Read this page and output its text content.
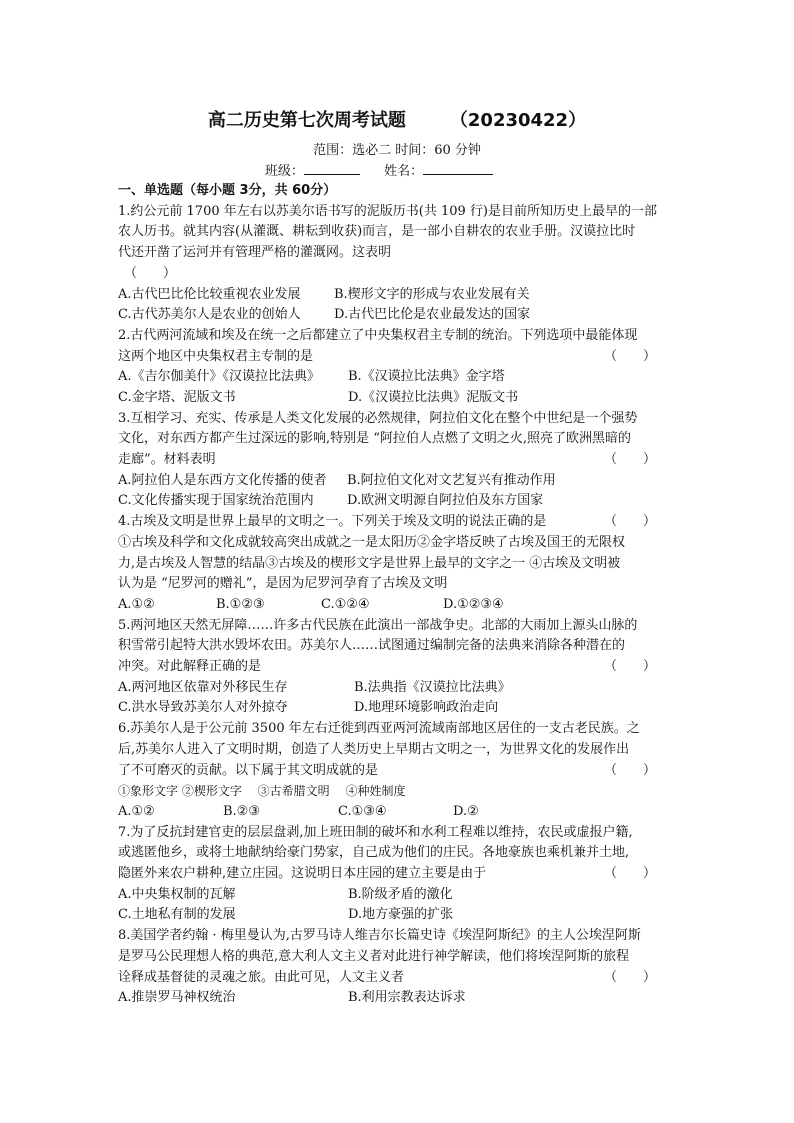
高二历史第七次周考试题 （20230422）
范围：选必二 时间：60 分钟
班级：	姓名：
一、单选题（每小题 3分，共 60分）
1.约公元前 1700 年左右以苏美尔语书写的泥版历书(共 109 行)是目前所知历史上最早的一部
农人历书。就其内容(从灌溉、耕耘到收获)而言，是一部小自耕农的农业手册。汉谟拉比时
代还开凿了运河并有管理严格的灌溉网。这表明
（　　）
A.古代巴比伦比较重视农业发展	B.楔形文字的形成与农业发展有关
C.古代苏美尔人是农业的创始人	D.古代巴比伦是农业最发达的国家
2.古代两河流域和埃及在统一之后都建立了中央集权君主专制的统治。下列选项中最能体现
这两个地区中央集权君主专制的是	（　　）
A.《吉尔伽美什》《汉谟拉比法典》 B.《汉谟拉比法典》金字塔
C.金字塔、泥版文书	D.《汉谟拉比法典》泥版文书
3.互相学习、充实、传承是人类文化发展的必然规律，阿拉伯文化在整个中世纪是一个强势
文化，对东西方都产生过深远的影响,特别是 “阿拉伯人点燃了文明之火,照亮了欧洲黑暗的
走廊”。材料表明	（　　）
A.阿拉伯人是东西方文化传播的使者 B.阿拉伯文化对文艺复兴有推动作用
C.文化传播实现于国家统治范围内	D.欧洲文明源自阿拉伯及东方国家
4.古埃及文明是世界上最早的文明之一。下列关于埃及文明的说法正确的是	（　　）
①古埃及科学和文化成就较高突出成就之一是太阳历②金字塔反映了古埃及国王的无限权
力,是古埃及人智慧的结晶③古埃及的楔形文字是世界上最早的文字之一 ④古埃及文明被
认为是 “尼罗河的赠礼”，是因为尼罗河孕育了古埃及文明
A.①②	B.①②③	C.①②④	D.①②③④
5.两河地区天然无屏障……许多古代民族在此演出一部战争史。北部的大雨加上源头山脉的
积雪常引起特大洪水毁坏农田。苏美尔人……试图通过编制完备的法典来消除各种潜在的
冲突。对此解释正确的是	（　　）
A.两河地区依靠对外移民生存	B.法典指《汉谟拉比法典》
C.洪水导致苏美尔人对外掠夺	D.地理环境影响政治走向
6.苏美尔人是于公元前 3500 年左右迁徙到西亚两河流域南部地区居住的一支古老民族。之
后,苏美尔人进入了文明时期，创造了人类历史上早期古文明之一，为世界文化的发展作出
了不可磨灭的贡献。以下属于其文明成就的是	（　　）
①象形文字 ②楔形文字　 ③古希腊文明　 ④种姓制度
A.①②	B.②③	C.①③④	D.②
7.为了反抗封建官吏的层层盘剥,加上班田制的破坏和水利工程难以维持，农民或虚报户籍,
或逃匿他乡，或将土地献纳给豪门势家，自己成为他们的庄民。各地豪族也乘机兼并土地,
隐匿外来农户耕种,建立庄园。这说明日本庄园的建立主要是由于	（　　）
A.中央集权制的瓦解	B.阶级矛盾的激化
C.土地私有制的发展	D.地方豪强的扩张
8.美国学者约翰 · 梅里曼认为,古罗马诗人维吉尔长篇史诗《埃涅阿斯纪》的主人公埃涅阿斯
是罗马公民理想人格的典范,意大利人文主义者对此进行神学解读，他们将埃涅阿斯的旅程
诠释成基督徒的灵魂之旅。由此可见，人文主义者	（　　）
A.推崇罗马神权统治	B.利用宗教表达诉求
